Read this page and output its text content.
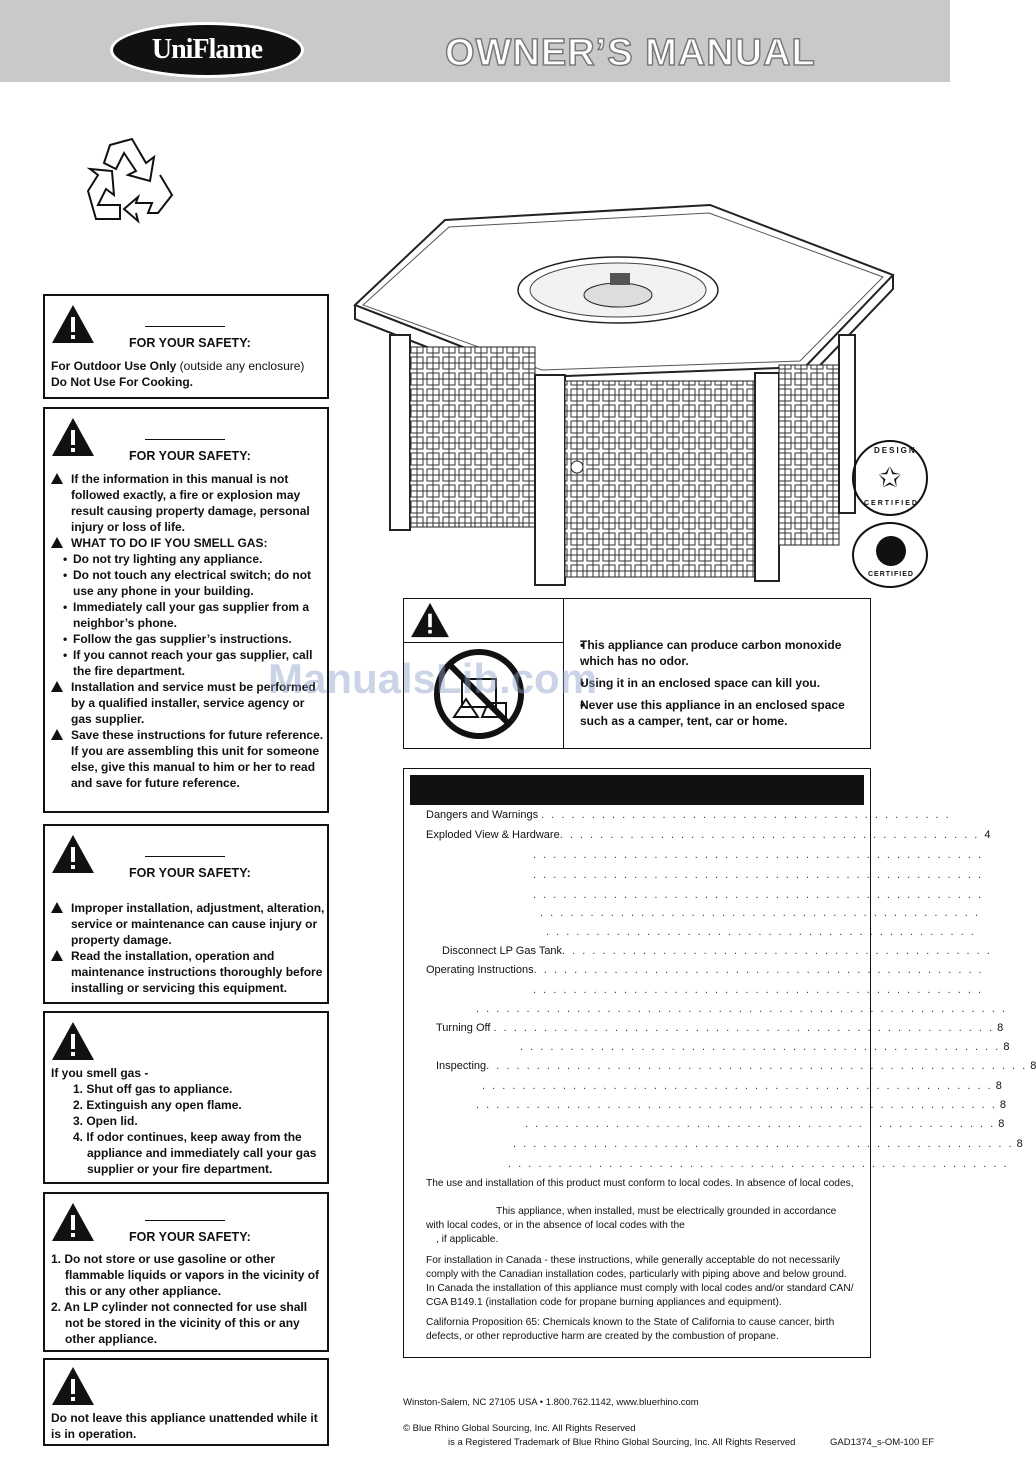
UniFlame	OWNER’S MANUAL
FOR YOUR SAFETY:
For Outdoor Use Only (outside any enclosure)
Do Not Use For Cooking.
FOR YOUR SAFETY:
If the information in this manual is not followed exactly, a fire or explosion may result causing property damage, personal injury or loss of life.
WHAT TO DO IF YOU SMELL GAS:
• Do not try lighting any appliance.
• Do not touch any electrical switch; do not use any phone in your building.
• Immediately call your gas supplier from a neighbor’s phone.
• Follow the gas supplier’s instructions.
• If you cannot reach your gas supplier, call the fire department.
Installation and service must be performed by a qualified installer, service agency or gas supplier.
Save these instructions for future reference.
If you are assembling this unit for someone else, give this manual to him or her to read and save for future reference.
FOR YOUR SAFETY:
Improper installation, adjustment, alteration, service or maintenance can cause injury or property damage.
Read the installation, operation and maintenance instructions thoroughly before installing or servicing this equipment.
If you smell gas -
1. Shut off gas to appliance.
2. Extinguish any open flame.
3. Open lid.
4. If odor continues, keep away from the appliance and immediately call your gas supplier or your fire department.
FOR YOUR SAFETY:
1. Do not store or use gasoline or other flammable liquids or vapors in the vicinity of this or any other appliance.
2. An LP cylinder not connected for use shall not be stored in the vicinity of this or any other appliance.
Do not leave this appliance unattended while it is in operation.
DESIGN
✩
CERTIFIED
CERTIFIED
• This appliance can produce carbon monoxide which has no odor.
• Using it in an enclosed space can kill you.
• Never use this appliance in an enclosed space such as a camper, tent, car or home.
ManualsLib.com
Dangers and Warnings . . . . . . . . . . . . . . . . . . . . . . . . . . . . . . . . . . . . . . . . .
Exploded View & Hardware. . . . . . . . . . . . . . . . . . . . . . . . . . . . . . . . . . . . . . . . . . 4
. . . . . . . . . . . . . . . . . . . . . . . . . . . . . . . . . . . . . . . . . . . . .
. . . . . . . . . . . . . . . . . . . . . . . . . . . . . . . . . . . . . . . . . . . . .
. . . . . . . . . . . . . . . . . . . . . . . . . . . . . . . . . . . . . . . . . . . . .
. . . . . . . . . . . . . . . . . . . . . . . . . . . . . . . . . . . . . . . . . . . .
. . . . . . . . . . . . . . . . . . . . . . . . . . . . . . . . . . . . . . . . . . .
Disconnect LP Gas Tank. . . . . . . . . . . . . . . . . . . . . . . . . . . . . . . . . . . . . . . . . . .
Operating Instructions. . . . . . . . . . . . . . . . . . . . . . . . . . . . . . . . . . . . . . . . . . . . .
. . . . . . . . . . . . . . . . . . . . . . . . . . . . . . . . . . . . . . . . . . . . .
. . . . . . . . . . . . . . . . . . . . . . . . . . . . . . . . . . . . . . . . . . . . . . . . . . . . .
Turning Off . . . . . . . . . . . . . . . . . . . . . . . . . . . . . . . . . . . . . . . . . . . . . . . . . . 8
. . . . . . . . . . . . . . . . . . . . . . . . . . . . . . . . . . . . . . . . . . . . . . . . 8
Inspecting. . . . . . . . . . . . . . . . . . . . . . . . . . . . . . . . . . . . . . . . . . . . . . . . . . . . . . 8
. . . . . . . . . . . . . . . . . . . . . . . . . . . . . . . . . . . . . . . . . . . . . . . . . . . 8
. . . . . . . . . . . . . . . . . . . . . . . . . . . . . . . . . . . . . . . . . . . . . . . . . . . . 8
. . . . . . . . . . . . . . . . . . . . . . . . . . . . . . . . . . . . . . . . . . . . . . . 8
. . . . . . . . . . . . . . . . . . . . . . . . . . . . . . . . . . . . . . . . . . . . . . . . . . 8
. . . . . . . . . . . . . . . . . . . . . . . . . . . . . . . . . . . . . . . . . . . . . . . . . .
The use and installation of this product must conform to local codes. In absence of local codes,
This appliance, when installed, must be electrically grounded in accordance
with local codes, or in the absence of local codes with the
, if applicable.
For installation in Canada - these instructions, while generally acceptable do not necessarily
comply with the Canadian installation codes, particularly with piping above and below ground.
In Canada the installation of this appliance must comply with local codes and/or standard CAN/
CGA B149.1 (installation code for propane burning appliances and equipment).
California Proposition 65: Chemicals known to the State of California to cause cancer, birth
defects, or other reproductive harm are created by the combustion of propane.
Winston-Salem, NC 27105 USA • 1.800.762.1142, www.bluerhino.com
© Blue Rhino Global Sourcing, Inc. All Rights Reserved
is a Registered Trademark of Blue Rhino Global Sourcing, Inc. All Rights Reserved	GAD1374_s-OM-100 EF
